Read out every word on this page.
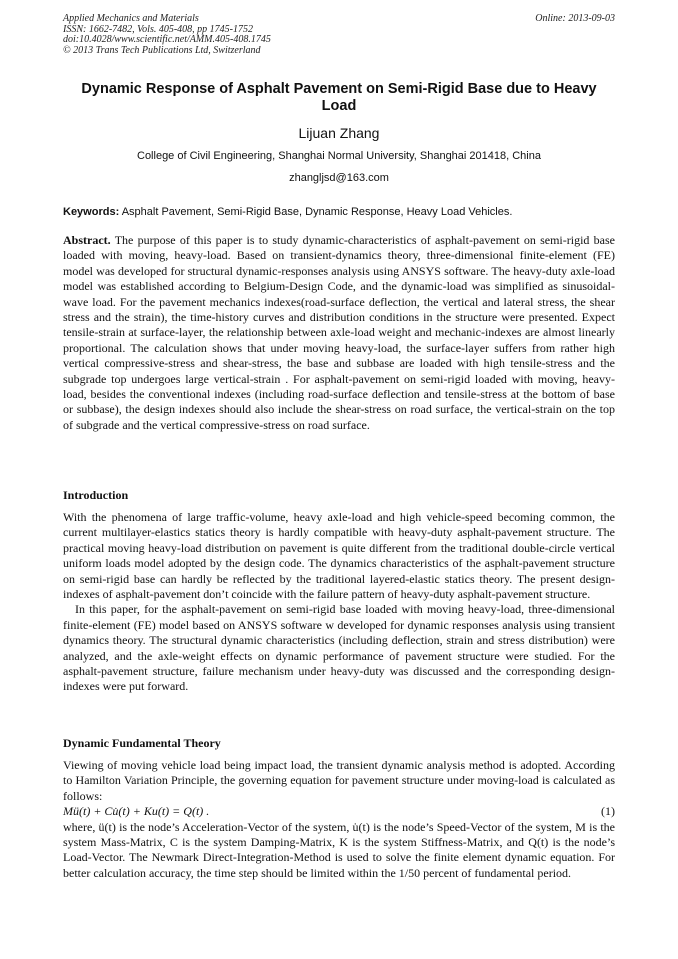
Applied Mechanics and Materials
ISSN: 1662-7482, Vols. 405-408, pp 1745-1752
doi:10.4028/www.scientific.net/AMM.405-408.1745
© 2013 Trans Tech Publications Ltd, Switzerland
Online: 2013-09-03
Dynamic Response of Asphalt Pavement on Semi-Rigid Base due to Heavy Load
Lijuan Zhang
College of Civil Engineering, Shanghai Normal University, Shanghai 201418, China
zhangljsd@163.com
Keywords: Asphalt Pavement, Semi-Rigid Base, Dynamic Response, Heavy Load Vehicles.
Abstract. The purpose of this paper is to study dynamic-characteristics of asphalt-pavement on semi-rigid base loaded with moving, heavy-load. Based on transient-dynamics theory, three-dimensional finite-element (FE) model was developed for structural dynamic-responses analysis using ANSYS software. The heavy-duty axle-load model was established according to Belgium-Design Code, and the dynamic-load was simplified as sinusoidal-wave load. For the pavement mechanics indexes(road-surface deflection, the vertical and lateral stress, the shear stress and the strain), the time-history curves and distribution conditions in the structure were presented. Expect tensile-strain at surface-layer, the relationship between axle-load weight and mechanic-indexes are almost linearly proportional. The calculation shows that under moving heavy-load, the surface-layer suffers from rather high vertical compressive-stress and shear-stress, the base and subbase are loaded with high tensile-stress and the subgrade top undergoes large vertical-strain . For asphalt-pavement on semi-rigid loaded with moving, heavy-load, besides the conventional indexes (including road-surface deflection and tensile-stress at the bottom of base or subbase), the design indexes should also include the shear-stress on road surface, the vertical-strain on the top of subgrade and the vertical compressive-stress on road surface.
Introduction

With the phenomena of large traffic-volume, heavy axle-load and high vehicle-speed becoming common, the current multilayer-elastics statics theory is hardly compatible with heavy-duty asphalt-pavement structure. The practical moving heavy-load distribution on pavement is quite different from the traditional double-circle vertical uniform loads model adopted by the design code. The dynamics characteristics of the asphalt-pavement structure on semi-rigid base can hardly be reflected by the traditional layered-elastic statics theory. The present design-indexes of asphalt-pavement don’t coincide with the failure pattern of heavy-duty asphalt-pavement structure.

In this paper, for the asphalt-pavement on semi-rigid base loaded with moving heavy-load, three-dimensional finite-element (FE) model based on ANSYS software w developed for dynamic responses analysis using transient dynamics theory. The structural dynamic characteristics (including deflection, strain and stress distribution) were analyzed, and the axle-weight effects on dynamic performance of pavement structure were studied. For the asphalt-pavement structure, failure mechanism under heavy-duty was discussed and the corresponding design-indexes were put forward.

Dynamic Fundamental Theory

Viewing of moving vehicle load being impact load, the transient dynamic analysis method is adopted. According to Hamilton Variation Principle, the governing equation for pavement structure under moving-load is calculated as follows:

Mü(t) + Cu̇(t) + Ku(t) = Q(t) .	(1)

where, ü(t) is the node’s Acceleration-Vector of the system, u̇(t) is the node’s Speed-Vector of the system, M is the system Mass-Matrix, C is the system Damping-Matrix, K is the system Stiffness-Matrix, and Q(t) is the node’s Load-Vector. The Newmark Direct-Integration-Method is used to solve the finite element dynamic equation. For better calculation accuracy, the time step should be limited within the 1/50 percent of fundamental period.
